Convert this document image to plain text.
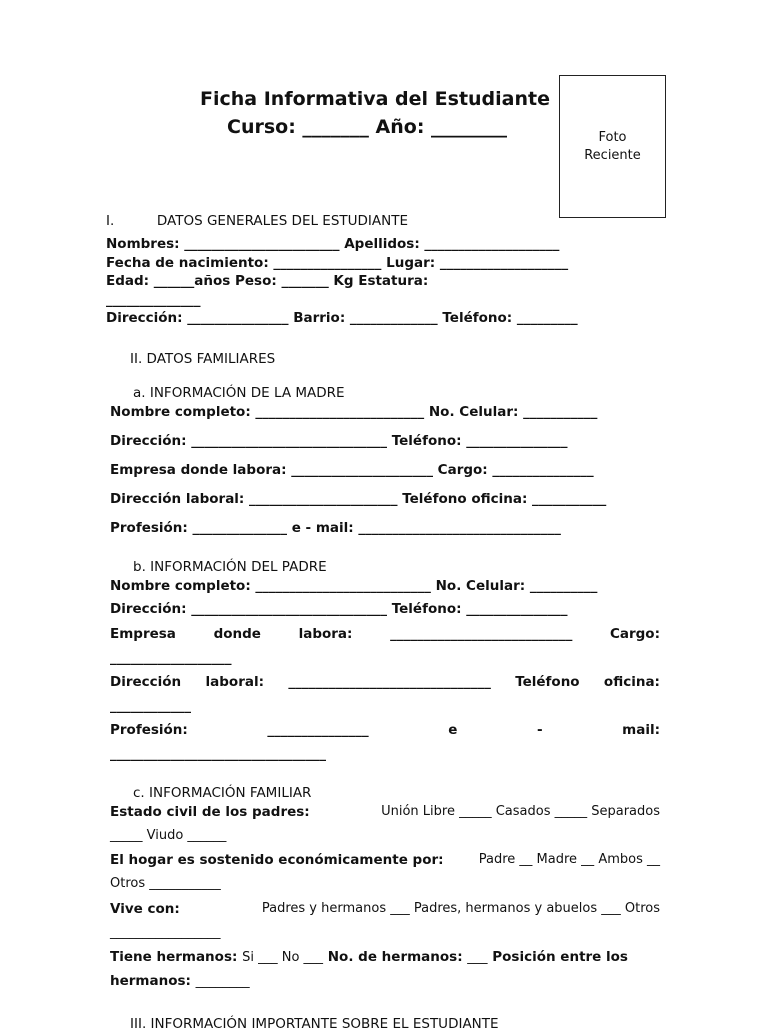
Ficha Informativa del Estudiante
Curso: _______ Año: ________	Foto
Reciente
I.	DATOS GENERALES DEL ESTUDIANTE
Nombres: _______________________ Apellidos: ____________________
Fecha de nacimiento: ________________ Lugar: ___________________
Edad: ______años Peso: _______ Kg Estatura:
______________
Dirección: _______________ Barrio: _____________ Teléfono: _________
II. DATOS FAMILIARES
a. INFORMACIÓN DE LA MADRE
Nombre completo: _________________________ No. Celular: ___________
Dirección: _____________________________ Teléfono: _______________
Empresa donde labora: _____________________ Cargo: _______________
Dirección laboral: ______________________ Teléfono oficina: ___________
Profesión: ______________ e - mail: ______________________________
b. INFORMACIÓN DEL PADRE
Nombre completo: __________________________ No. Celular: __________
Dirección: _____________________________ Teléfono: _______________
Empresa	donde	labora:	___________________________	Cargo:
__________________
Dirección laboral: ______________________________ Teléfono oficina:
____________
Profesión:	_______________	e	-	mail:
________________________________
c. INFORMACIÓN FAMILIAR
Estado civil de los padres:	Unión Libre _____ Casados _____ Separados
_____ Viudo ______
El hogar es sostenido económicamente por:	Padre __ Madre __ Ambos __
Otros ___________
Vive con:	Padres y hermanos ___ Padres, hermanos y abuelos ___ Otros
_________________
Tiene hermanos: Si ___ No ___ No. de hermanos: ___ Posición entre los
hermanos: ________
III. INFORMACIÓN IMPORTANTE SOBRE EL ESTUDIANTE
